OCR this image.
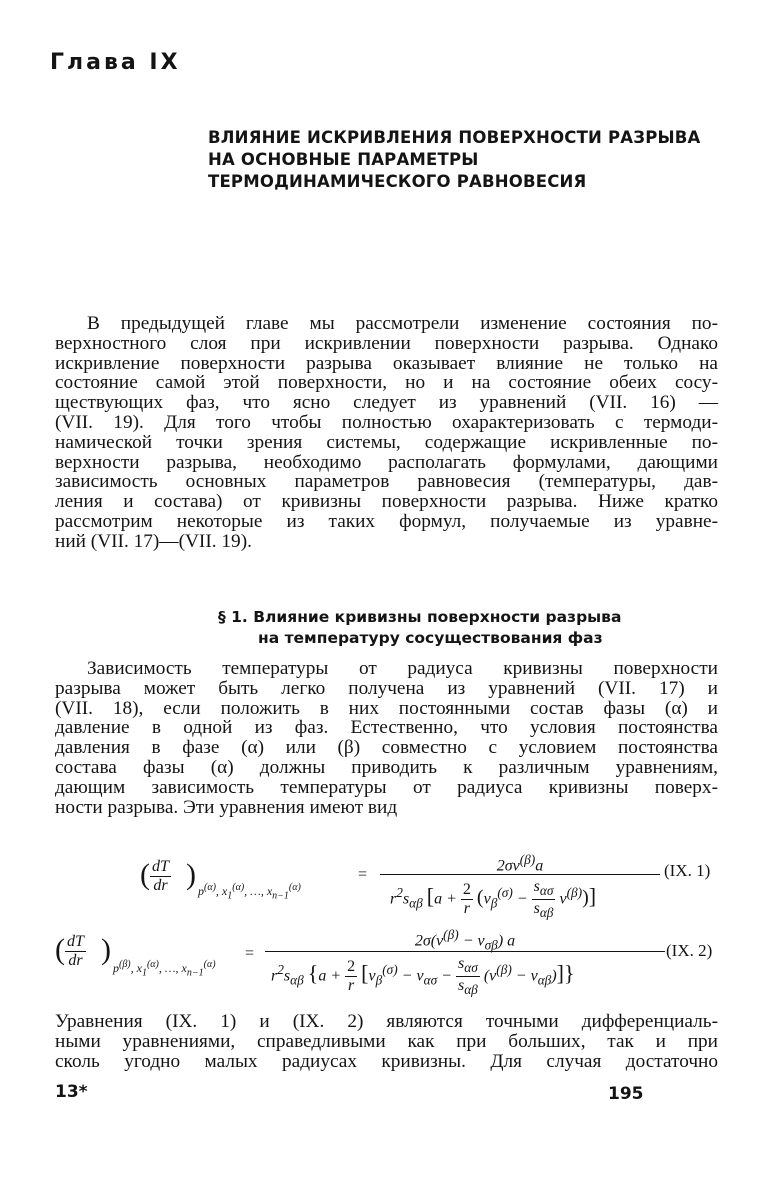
Глава IX
ВЛИЯНИЕ ИСКРИВЛЕНИЯ ПОВЕРХНОСТИ РАЗРЫВА
НА ОСНОВНЫЕ ПАРАМЕТРЫ
ТЕРМОДИНАМИЧЕСКОГО РАВНОВЕСИЯ
В предыдущей главе мы рассмотрели изменение состояния по-
верхностного слоя при искривлении поверхности разрыва. Однако
искривление поверхности разрыва оказывает влияние не только на
состояние самой этой поверхности, но и на состояние обеих сосу-
ществующих фаз, что ясно следует из уравнений (VII. 16) —
(VII. 19). Для того чтобы полностью охарактеризовать с термоди-
намической точки зрения системы, содержащие искривленные по-
верхности разрыва, необходимо располагать формулами, дающими
зависимость основных параметров равновесия (температуры, дав-
ления и состава) от кривизны поверхности разрыва. Ниже кратко
рассмотрим некоторые из таких формул, получаемые из уравне-
ний (VII. 17)—(VII. 19).
§ 1. Влияние кривизны поверхности разрыва
на температуру сосуществования фаз
Зависимость температуры от радиуса кривизны поверхности
разрыва может быть легко получена из уравнений (VII. 17) и
(VII. 18), если положить в них постоянными состав фазы (α) и
давление в одной из фаз. Естественно, что условия постоянства
давления в фазе (α) или (β) совместно с условием постоянства
состава фазы (α) должны приводить к различным уравнениям,
дающим зависимость температуры от радиуса кривизны поверх-
ности разрыва. Эти уравнения имеют вид
( $\frac{dT}{dr}$ ) $p^{(\alpha)}$, $x_1^{(\alpha)}$, …, $x_{n-1}^{(\alpha)}$
=
$2\sigma v^{(\beta)}a$
$r^2s_{\alpha\beta}$ $[a + \frac{2}{r} (v_\beta^{(\sigma)} - \frac{s_{\alpha\sigma}}{s_{\alpha\beta}} v^{(\beta)})]$
(IX. 1)
( $\frac{dT}{dr}$ )
$p^{(\beta)}$, $x_1^{(\alpha)}$, …, $x_{n-1}^{(\alpha)}$
=
$2\sigma(v^{(\beta)} - v_{\sigma\beta})$ a
$r^2s_{\alpha\beta}$ $\{a + \frac{2}{r} [v_\beta^{(\sigma)} - v_{\alpha\sigma} - \frac{s_{\alpha\sigma}}{s_{\alpha\beta}} (v^{(\beta)} - v_{\alpha\beta})]\}$
(IX. 2)
Уравнения (IX. 1) и (IX. 2) являются точными дифференциаль-
ными уравнениями, справедливыми как при больших, так и при
сколь угодно малых радиусах кривизны. Для случая достаточно
13*	195
